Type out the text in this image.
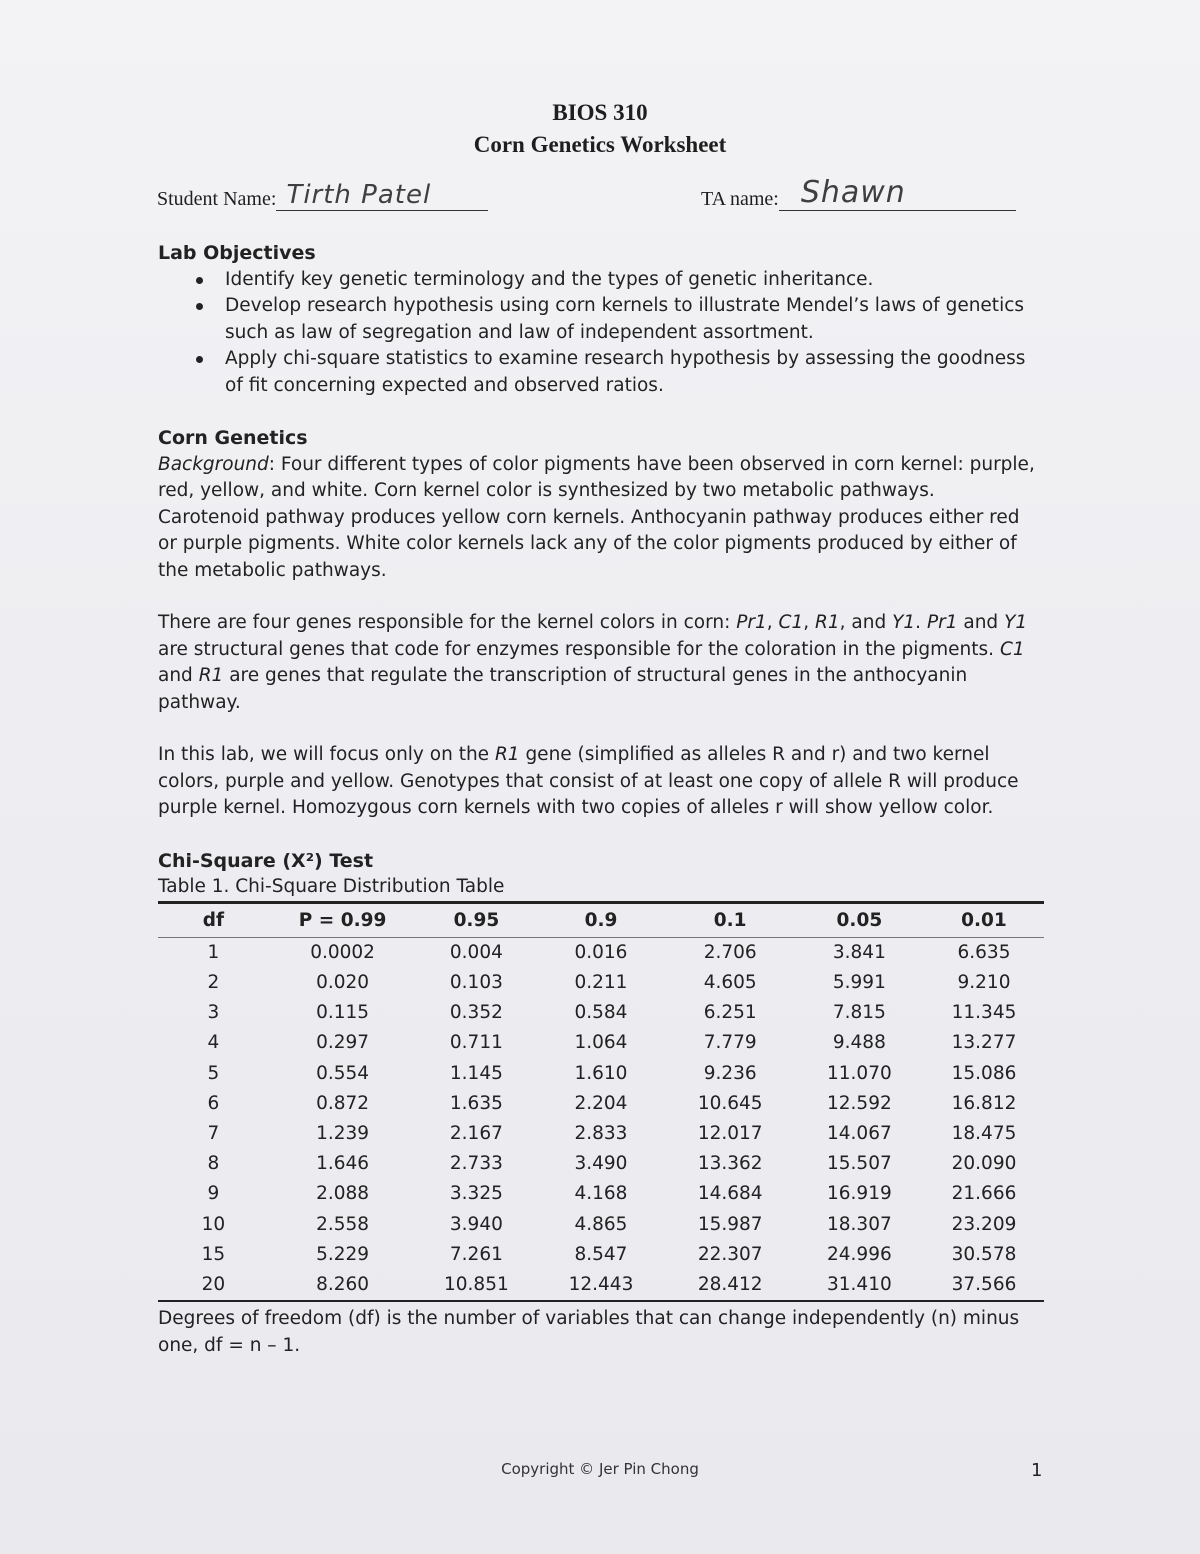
BIOS 310
Corn Genetics Worksheet
Student Name: Tirth Patel	TA name: Shawn
Lab Objectives
Identify key genetic terminology and the types of genetic inheritance.
Develop research hypothesis using corn kernels to illustrate Mendel’s laws of genetics such as law of segregation and law of independent assortment.
Apply chi-square statistics to examine research hypothesis by assessing the goodness of fit concerning expected and observed ratios.
Corn Genetics

Background: Four different types of color pigments have been observed in corn kernel: purple, red, yellow, and white. Corn kernel color is synthesized by two metabolic pathways. Carotenoid pathway produces yellow corn kernels. Anthocyanin pathway produces either red or purple pigments. White color kernels lack any of the color pigments produced by either of the metabolic pathways.

There are four genes responsible for the kernel colors in corn: Pr1, C1, R1, and Y1. Pr1 and Y1 are structural genes that code for enzymes responsible for the coloration in the pigments. C1 and R1 are genes that regulate the transcription of structural genes in the anthocyanin pathway.

In this lab, we will focus only on the R1 gene (simplified as alleles R and r) and two kernel colors, purple and yellow. Genotypes that consist of at least one copy of allele R will produce purple kernel. Homozygous corn kernels with two copies of alleles r will show yellow color.

Chi-Square (X²) Test
Table 1. Chi-Square Distribution Table
df	P = 0.99	0.95	0.9	0.1	0.05	0.01
1	0.0002	0.004	0.016	2.706	3.841	6.635
2	0.020	0.103	0.211	4.605	5.991	9.210
3	0.115	0.352	0.584	6.251	7.815	11.345
4	0.297	0.711	1.064	7.779	9.488	13.277
5	0.554	1.145	1.610	9.236	11.070	15.086
6	0.872	1.635	2.204	10.645	12.592	16.812
7	1.239	2.167	2.833	12.017	14.067	18.475
8	1.646	2.733	3.490	13.362	15.507	20.090
9	2.088	3.325	4.168	14.684	16.919	21.666
10	2.558	3.940	4.865	15.987	18.307	23.209
15	5.229	7.261	8.547	22.307	24.996	30.578
20	8.260	10.851	12.443	28.412	31.410	37.566

Degrees of freedom (df) is the number of variables that can change independently (n) minus one, df = n – 1.

Copyright © Jer Pin Chong	1
